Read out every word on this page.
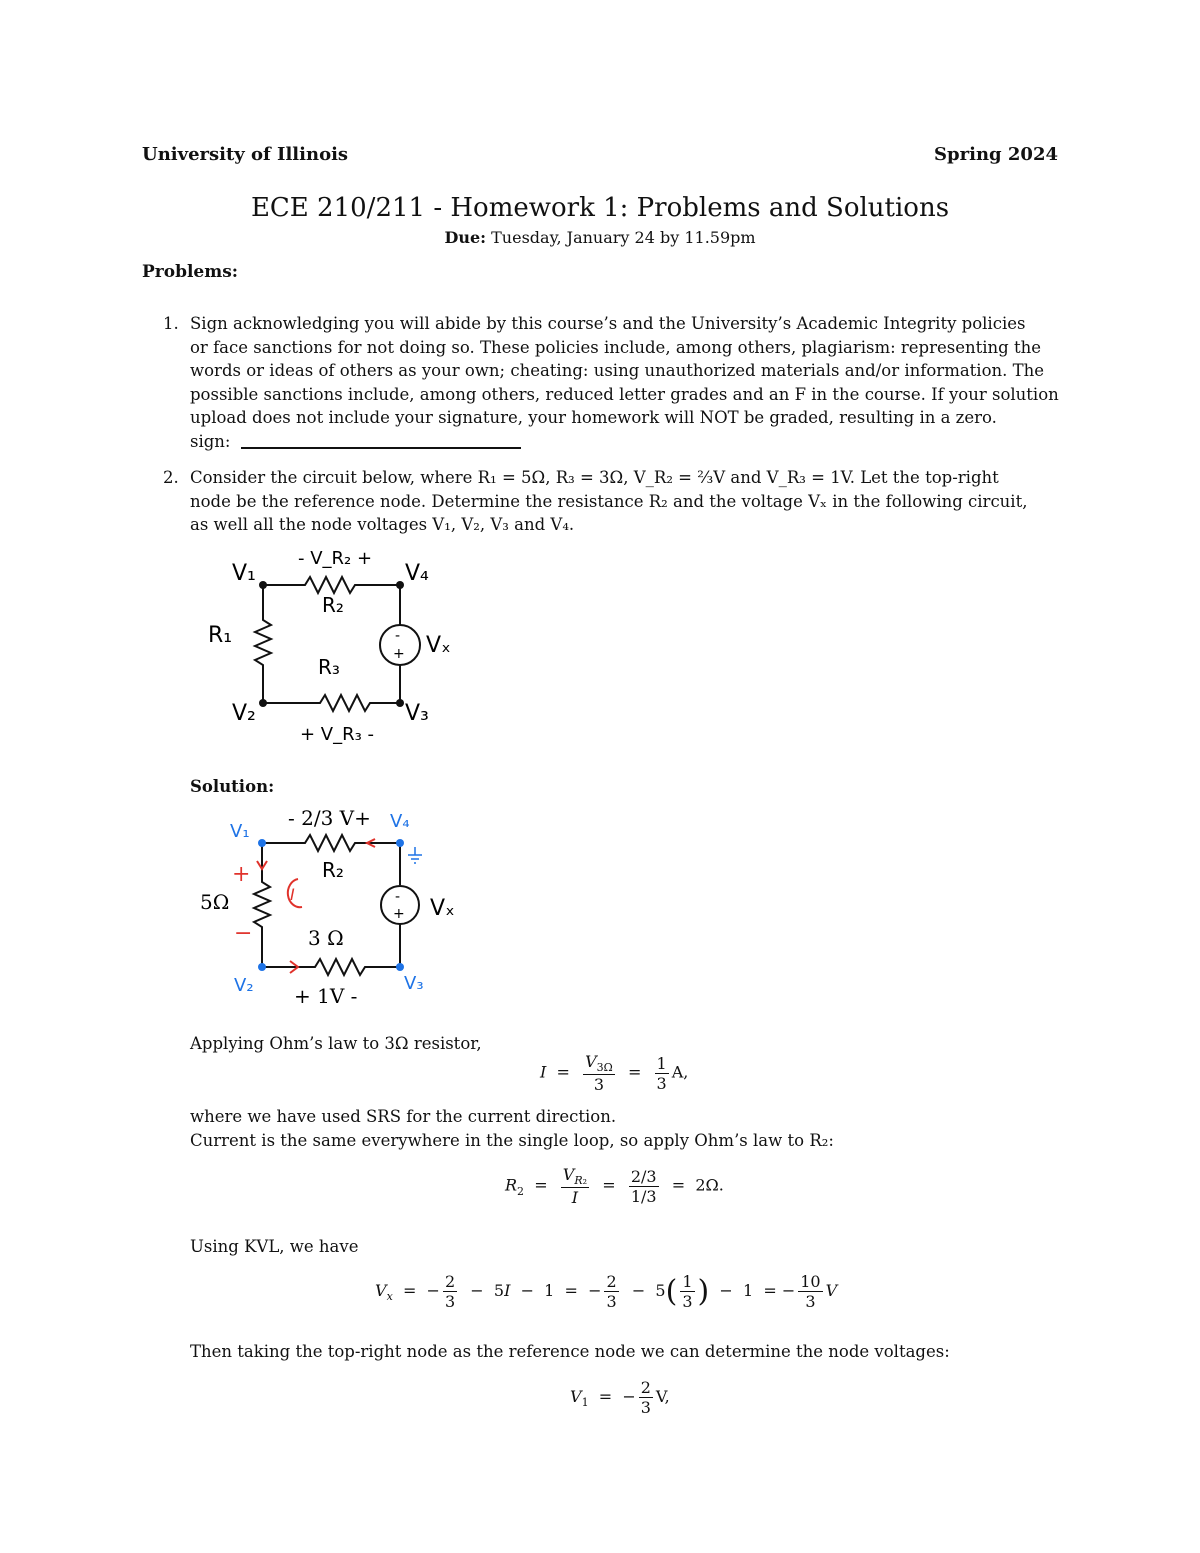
University of Illinois	Spring 2024
ECE 210/211 - Homework 1: Problems and Solutions
Due: Tuesday, January 24 by 11.59pm
Problems:
1. Sign acknowledging you will abide by this course’s and the University’s Academic Integrity policies
or face sanctions for not doing so. These policies include, among others, plagiarism: representing the
words or ideas of others as your own; cheating: using unauthorized materials and/or information. The
possible sanctions include, among others, reduced letter grades and an F in the course. If your solution
upload does not include your signature, your homework will NOT be graded, resulting in a zero.
sign:
2. Consider the circuit below, where R₁ = 5Ω, R₃ = 3Ω, V_R₂ = ⅔V and V_R₃ = 1V. Let the top-right
node be the reference node. Determine the resistance R₂ and the voltage Vₓ in the following circuit,
as well all the node voltages V₁, V₂, V₃ and V₄.
-
+
V₁	V₄
V₂	V₃
R₁
R₂
R₃
Vₓ
- V_R₂ +
+ V_R₃ -
Solution:
-
+
I
V₁	V₄
V₂	V₃
- 2/3 V+
R₂
5Ω
3 Ω
Vₓ
+ 1V -
+
−
Applying Ohm’s law to 3Ω resistor,
$I = \frac{V_{3\Omega}}{3} = \frac{1}{3} A$,
where we have used SRS for the current direction.
Current is the same everywhere in the single loop, so apply Ohm’s law to R₂:
$R_2 = \frac{V_{R_2}}{I} = \frac{2/3}{1/3} = 2\Omega$.
Using KVL, we have
$V_x$  =  − $\frac{2}{3} - 5I - 1$  =  − $\frac{2}{3} - 5( \frac{1}{3}$ )  −  1  = − $\frac{10}{3}$ V
Then taking the top-right node as the reference node we can determine the node voltages:
$V_1$  =  − $\frac{2}{3} V$,
